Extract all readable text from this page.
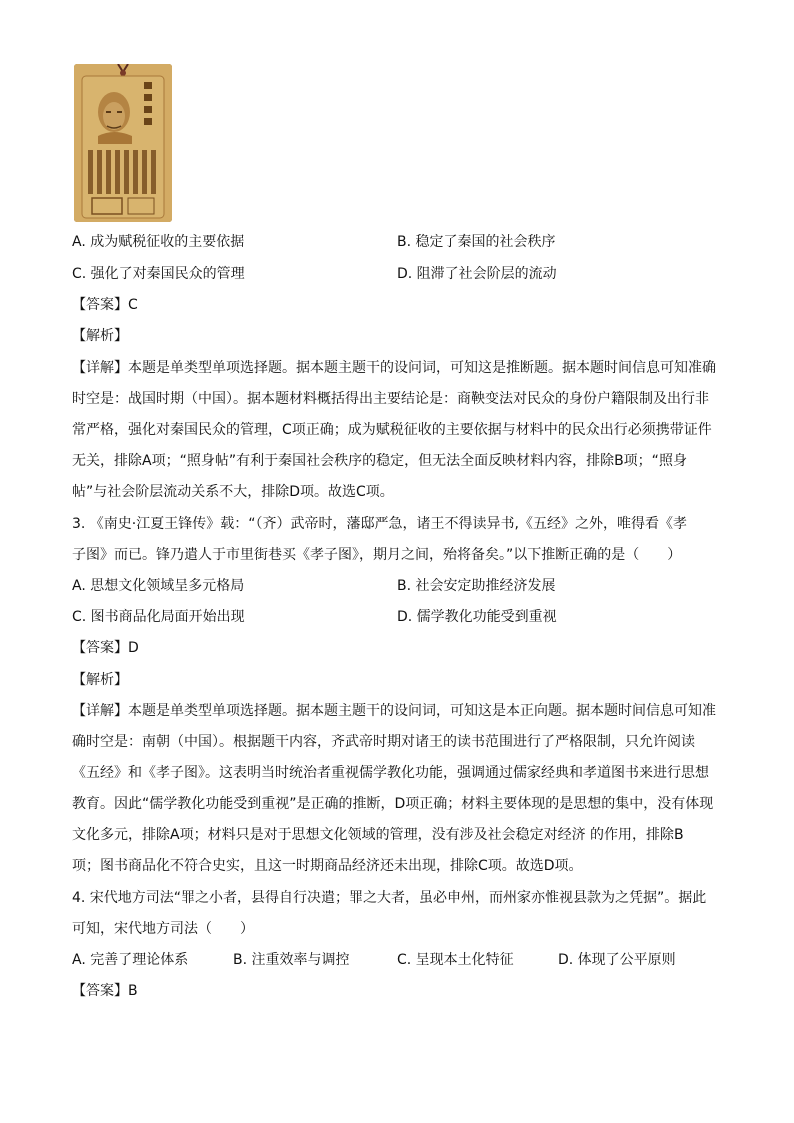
A. 成为赋税征收的主要依据	B. 稳定了秦国的社会秩序
C. 强化了对秦国民众的管理	D. 阻滞了社会阶层的流动
【答案】C
【解析】
【详解】本题是单类型单项选择题。据本题主题干的设问词，可知这是推断题。据本题时间信息可知准确
时空是：战国时期（中国）。据本题材料概括得出主要结论是：商鞅变法对民众的身份户籍限制及出行非
常严格，强化对秦国民众的管理，C项正确；成为赋税征收的主要依据与材料中的民众出行必须携带证件
无关，排除A项；“照身帖”有利于秦国社会秩序的稳定，但无法全面反映材料内容，排除B项；“照身
帖”与社会阶层流动关系不大，排除D项。故选C项。
3. 《南史·江夏王锋传》载：“（齐）武帝时，藩邸严急，诸王不得读异书,《五经》之外，唯得看《孝
子图》而已。锋乃遣人于市里街巷买《孝子图》，期月之间，殆将备矣。”以下推断正确的是（　　）
A. 思想文化领域呈多元格局	B. 社会安定助推经济发展
C. 图书商品化局面开始出现	D. 儒学教化功能受到重视
【答案】D
【解析】
【详解】本题是单类型单项选择题。据本题主题干的设问词，可知这是本正向题。据本题时间信息可知准
确时空是：南朝（中国）。根据题干内容，齐武帝时期对诸王的读书范围进行了严格限制，只允许阅读
《五经》和《孝子图》。这表明当时统治者重视儒学教化功能，强调通过儒家经典和孝道图书来进行思想
教育。因此“儒学教化功能受到重视”是正确的推断，D项正确；材料主要体现的是思想的集中，没有体现
文化多元，排除A项；材料只是对于思想文化领域的管理，没有涉及社会稳定对经济 的作用，排除B
项；图书商品化不符合史实，且这一时期商品经济还未出现，排除C项。故选D项。
4. 宋代地方司法“罪之小者，县得自行决遣；罪之大者，虽必申州，而州家亦惟视县款为之凭据”。据此
可知，宋代地方司法（　　）
A. 完善了理论体系	B. 注重效率与调控	C. 呈现本土化特征	D. 体现了公平原则
【答案】B
